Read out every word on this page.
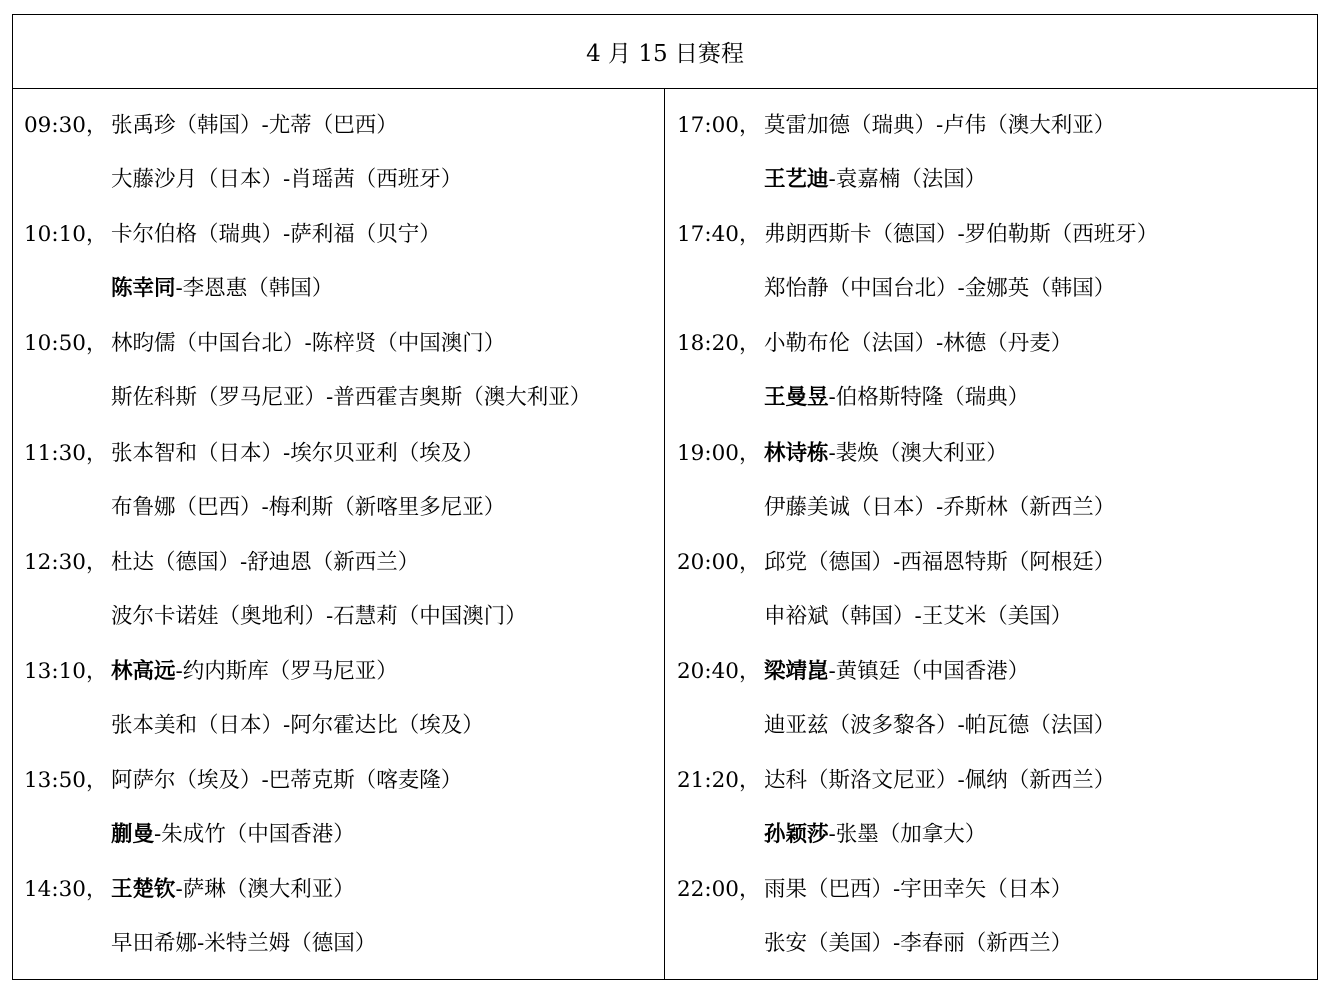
4 月 15 日赛程
09:30， 张禹珍（韩国）-尤蒂（巴西）
大藤沙月（日本）-肖瑶茜（西班牙）
10:10， 卡尔伯格（瑞典）-萨利福（贝宁）
陈幸同-李恩惠（韩国）
10:50， 林昀儒（中国台北）-陈梓贤（中国澳门）
斯佐科斯（罗马尼亚）-普西霍吉奥斯（澳大利亚）
11:30， 张本智和（日本）-埃尔贝亚利（埃及）
布鲁娜（巴西）-梅利斯（新喀里多尼亚）
12:30， 杜达（德国）-舒迪恩（新西兰）
波尔卡诺娃（奥地利）-石慧莉（中国澳门）
13:10， 林高远-约内斯库（罗马尼亚）
张本美和（日本）-阿尔霍达比（埃及）
13:50， 阿萨尔（埃及）-巴蒂克斯（喀麦隆）
蒯曼-朱成竹（中国香港）
14:30， 王楚钦-萨琳（澳大利亚）
早田希娜-米特兰姆（德国）
17:00， 莫雷加德（瑞典）-卢伟（澳大利亚）
王艺迪-袁嘉楠（法国）
17:40， 弗朗西斯卡（德国）-罗伯勒斯（西班牙）
郑怡静（中国台北）-金娜英（韩国）
18:20， 小勒布伦（法国）-林德（丹麦）
王曼昱-伯格斯特隆（瑞典）
19:00， 林诗栋-裴焕（澳大利亚）
伊藤美诚（日本）-乔斯林（新西兰）
20:00， 邱党（德国）-西福恩特斯（阿根廷）
申裕斌（韩国）-王艾米（美国）
20:40， 梁靖崑-黄镇廷（中国香港）
迪亚兹（波多黎各）-帕瓦德（法国）
21:20， 达科（斯洛文尼亚）-佩纳（新西兰）
孙颖莎-张墨（加拿大）
22:00， 雨果（巴西）-宇田幸矢（日本）
张安（美国）-李春丽（新西兰）
